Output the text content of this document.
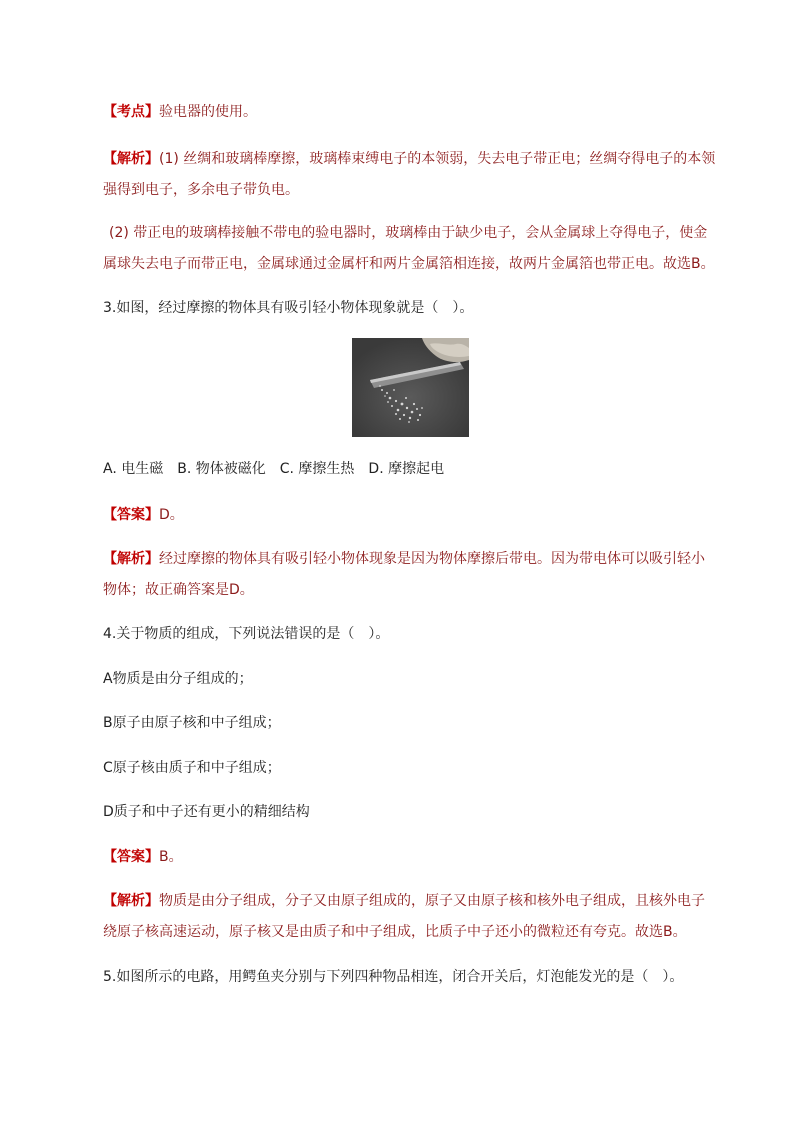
【考点】验电器的使用。

【解析】(1) 丝绸和玻璃棒摩擦，玻璃棒束缚电子的本领弱，失去电子带正电；丝绸夺得电子的本领强得到电子，多余电子带负电。

(2) 带正电的玻璃棒接触不带电的验电器时，玻璃棒由于缺少电子，会从金属球上夺得电子，使金属球失去电子而带正电，金属球通过金属杆和两片金属箔相连接，故两片金属箔也带正电。故选B。

3.如图，经过摩擦的物体具有吸引轻小物体现象就是（　）。

A. 电生磁　B. 物体被磁化　C. 摩擦生热　D. 摩擦起电

【答案】D。

【解析】经过摩擦的物体具有吸引轻小物体现象是因为物体摩擦后带电。因为带电体可以吸引轻小物体；故正确答案是D。

4.关于物质的组成，下列说法错误的是（　）。

A物质是由分子组成的；

B原子由原子核和中子组成；

C原子核由质子和中子组成；

D质子和中子还有更小的精细结构

【答案】B。

【解析】物质是由分子组成，分子又由原子组成的，原子又由原子核和核外电子组成，且核外电子绕原子核高速运动，原子核又是由质子和中子组成，比质子中子还小的微粒还有夸克。故选B。

5.如图所示的电路，用鳄鱼夹分别与下列四种物品相连，闭合开关后，灯泡能发光的是（　）。
